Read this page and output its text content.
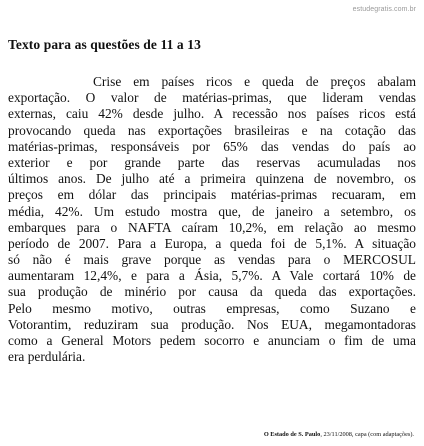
estudegratis.com.br
Texto para as questões de 11 a 13
Crise em países ricos e queda de preços abalam
exportação. O valor de matérias-primas, que lideram vendas
externas, caiu 42% desde julho. A recessão nos países ricos está
provocando queda nas exportações brasileiras e na cotação das
matérias-primas, responsáveis por 65% das vendas do país ao
exterior e por grande parte das reservas acumuladas nos
últimos anos. De julho até a primeira quinzena de novembro, os
preços em dólar das principais matérias-primas recuaram, em
média, 42%. Um estudo mostra que, de janeiro a setembro, os
embarques para o NAFTA caíram 10,2%, em relação ao mesmo
período de 2007. Para a Europa, a queda foi de 5,1%. A situação
só não é mais grave porque as vendas para o MERCOSUL
aumentaram 12,4%, e para a Ásia, 5,7%. A Vale cortará 10% de
sua produção de minério por causa da queda das exportações.
Pelo mesmo motivo, outras empresas, como Suzano e
Votorantim, reduziram sua produção. Nos EUA, megamontadoras
como a General Motors pedem socorro e anunciam o fim de uma
era perdulária.
O Estado de S. Paulo, 23/11/2008, capa (com adaptações).
